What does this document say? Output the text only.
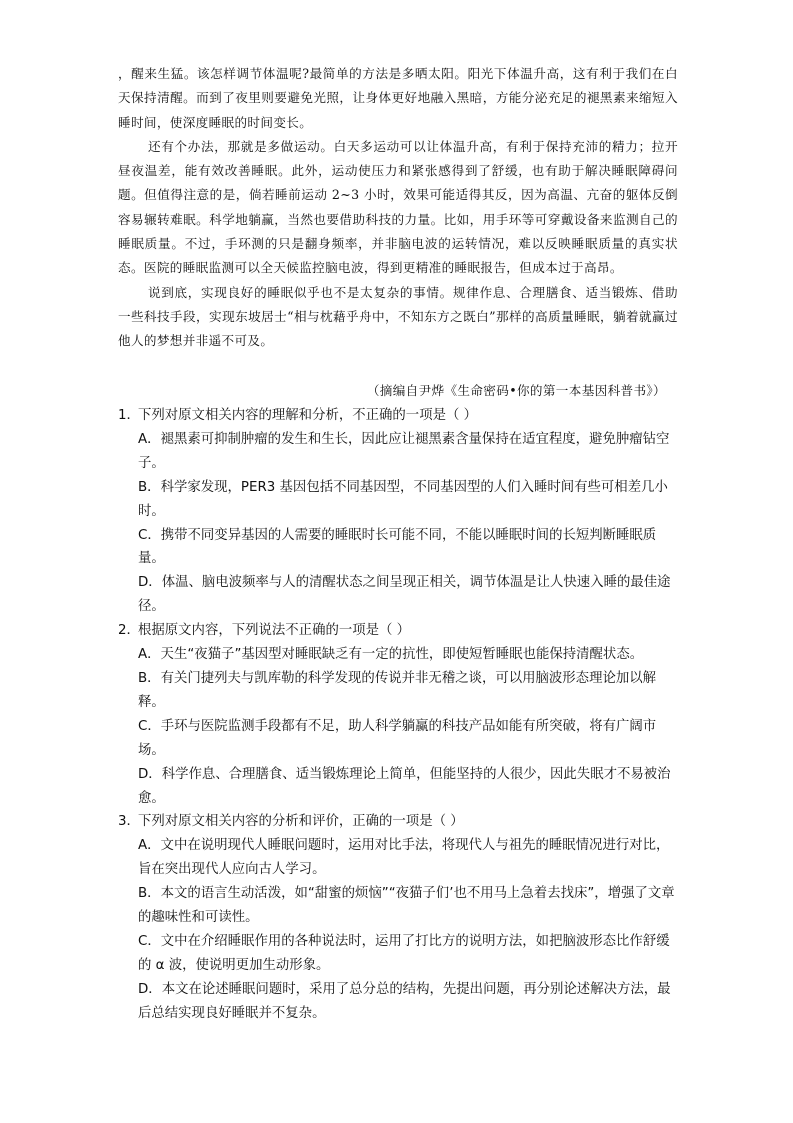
，醒来生猛。该怎样调节体温呢?最简单的方法是多晒太阳。阳光下体温升高，这有利于我们在白天保持清醒。而到了夜里则要避免光照，让身体更好地融入黑暗，方能分泌充足的褪黑素来缩短入睡时间，使深度睡眠的时间变长。

还有个办法，那就是多做运动。白天多运动可以让体温升高，有利于保持充沛的精力；拉开昼夜温差，能有效改善睡眠。此外，运动使压力和紧张感得到了舒缓，也有助于解决睡眠障碍问题。但值得注意的是，倘若睡前运动 2~3 小时，效果可能适得其反，因为高温、亢奋的躯体反倒容易辗转难眠。科学地躺赢，当然也要借助科技的力量。比如，用手环等可穿戴设备来监测自己的睡眠质量。不过，手环测的只是翻身频率，并非脑电波的运转情况，难以反映睡眠质量的真实状态。医院的睡眠监测可以全天候监控脑电波，得到更精准的睡眠报告，但成本过于高昂。

说到底，实现良好的睡眠似乎也不是太复杂的事情。规律作息、合理膳食、适当锻炼、借助一些科技手段，实现东坡居士“相与枕藉乎舟中，不知东方之既白”那样的高质量睡眠，躺着就赢过他人的梦想并非遥不可及。

（摘编自尹烨《生命密码•你的第一本基因科普书》）
1．下列对原文相关内容的理解和分析，不正确的一项是（ ）
A．褪黑素可抑制肿瘤的发生和生长，因此应让褪黑素含量保持在适宜程度，避免肿瘤钻空子。
B．科学家发现，PER3 基因包括不同基因型，不同基因型的人们入睡时间有些可相差几小时。
C．携带不同变异基因的人需要的睡眠时长可能不同，不能以睡眠时间的长短判断睡眠质量。
D．体温、脑电波频率与人的清醒状态之间呈现正相关，调节体温是让人快速入睡的最佳途径。
2．根据原文内容，下列说法不正确的一项是（ ）
A．天生“夜猫子”基因型对睡眠缺乏有一定的抗性，即使短暂睡眠也能保持清醒状态。
B．有关门捷列夫与凯库勒的科学发现的传说并非无稽之谈，可以用脑波形态理论加以解释。
C．手环与医院监测手段都有不足，助人科学躺赢的科技产品如能有所突破，将有广阔市场。
D．科学作息、合理膳食、适当锻炼理论上简单，但能坚持的人很少，因此失眠才不易被治愈。
3．下列对原文相关内容的分析和评价，正确的一项是（ ）
A．文中在说明现代人睡眠问题时，运用对比手法，将现代人与祖先的睡眠情况进行对比，旨在突出现代人应向古人学习。
B．本文的语言生动活泼，如“甜蜜的烦恼”“夜猫子们’也不用马上急着去找床”，增强了文章的趣味性和可读性。
C．文中在介绍睡眠作用的各种说法时，运用了打比方的说明方法，如把脑波形态比作舒缓的 α 波，使说明更加生动形象。
D．本文在论述睡眠问题时，采用了总分总的结构，先提出问题，再分别论述解决方法，最后总结实现良好睡眠并不复杂。
